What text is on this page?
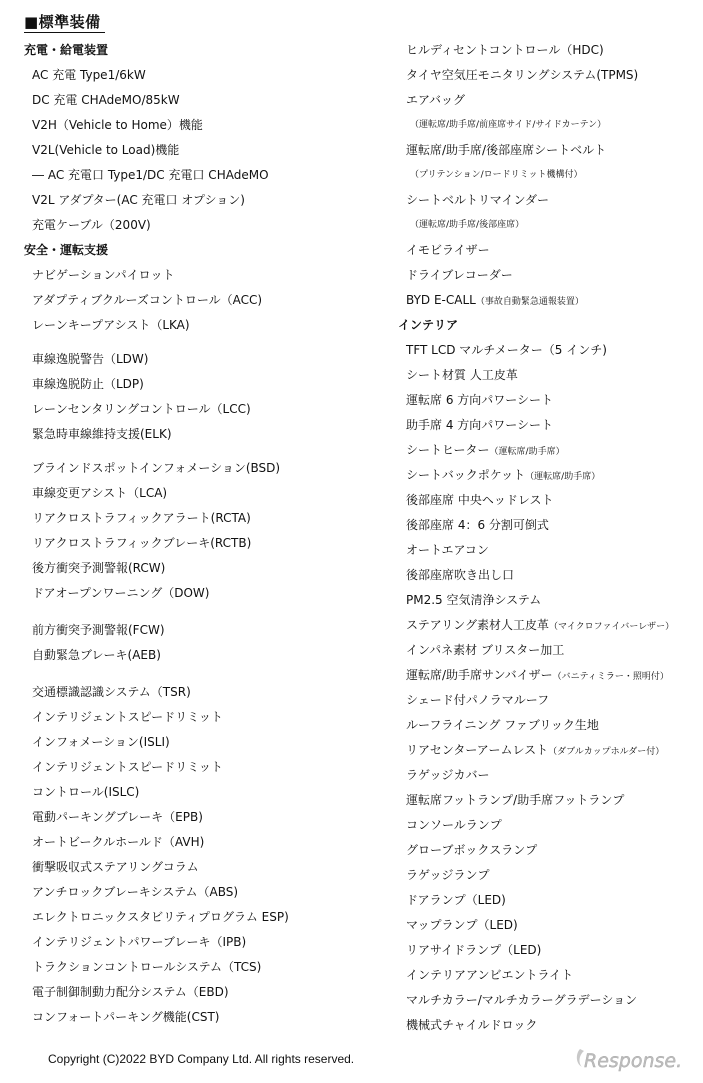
■標準装備
充電・給電装置
AC 充電 Type1/6kW
DC 充電 CHAdeMO/85kW
V2H（Vehicle to Home）機能
V2L(Vehicle to Load)機能
― AC 充電口 Type1/DC 充電口 CHAdeMO
V2L アダプター(AC 充電口 オプション)
充電ケーブル（200V)
安全・運転支援
ナビゲーションパイロット
アダプティブクルーズコントロール（ACC)
レーンキープアシスト（LKA)
車線逸脱警告（LDW)
車線逸脱防止（LDP)
レーンセンタリングコントロール（LCC)
緊急時車線維持支援(ELK)
ブラインドスポットインフォメーション(BSD)
車線変更アシスト（LCA)
リアクロストラフィックアラート(RCTA)
リアクロストラフィックブレーキ(RCTB)
後方衝突予測警報(RCW)
ドアオープンワーニング（DOW)
前方衝突予測警報(FCW)
自動緊急ブレーキ(AEB)
交通標識認識システム（TSR)
インテリジェントスピードリミット
インフォメーション(ISLI)
インテリジェントスピードリミット
コントロール(ISLC)
電動パーキングブレーキ（EPB)
オートビークルホールド（AVH)
衝撃吸収式ステアリングコラム
アンチロックブレーキシステム（ABS)
エレクトロニックスタビリティプログラム ESP)
インテリジェントパワーブレーキ（IPB)
トラクションコントロールシステム（TCS)
電子制御制動力配分システム（EBD)
コンフォートパーキング機能(CST)
ヒルディセントコントロール（HDC)
タイヤ空気圧モニタリングシステム(TPMS)
エアバッグ
（運転席/助手席/前座席サイド/サイドカーテン）
運転席/助手席/後部座席シートベルト
（プリテンション/ロードリミット機構付）
シートベルトリマインダー
（運転席/助手席/後部座席）
イモビライザー
ドライブレコーダー
BYD E-CALL（事故自動緊急通報装置）
インテリア
TFT LCD マルチメーター（5 インチ)
シート材質 人工皮革
運転席 6 方向パワーシート
助手席 4 方向パワーシート
シートヒーター（運転席/助手席）
シートバックポケット（運転席/助手席）
後部座席 中央ヘッドレスト
後部座席 4：6 分割可倒式
オートエアコン
後部座席吹き出し口
PM2.5 空気清浄システム
ステアリング素材人工皮革（マイクロファイバーレザー）
インパネ素材 ブリスター加工
運転席/助手席サンバイザー（バニティミラー・照明付）
シェード付パノラマルーフ
ルーフライニング ファブリック生地
リアセンターアームレスト（ダブルカップホルダー付）
ラゲッジカバー
運転席フットランプ/助手席フットランプ
コンソールランプ
グローブボックスランプ
ラゲッジランプ
ドアランプ（LED)
マップランプ（LED)
リアサイドランプ（LED)
インテリアアンビエントライト
マルチカラー/マルチカラーグラデーション
機械式チャイルドロック
Copyright (C)2022 BYD Company Ltd. All rights reserved.	Response.
